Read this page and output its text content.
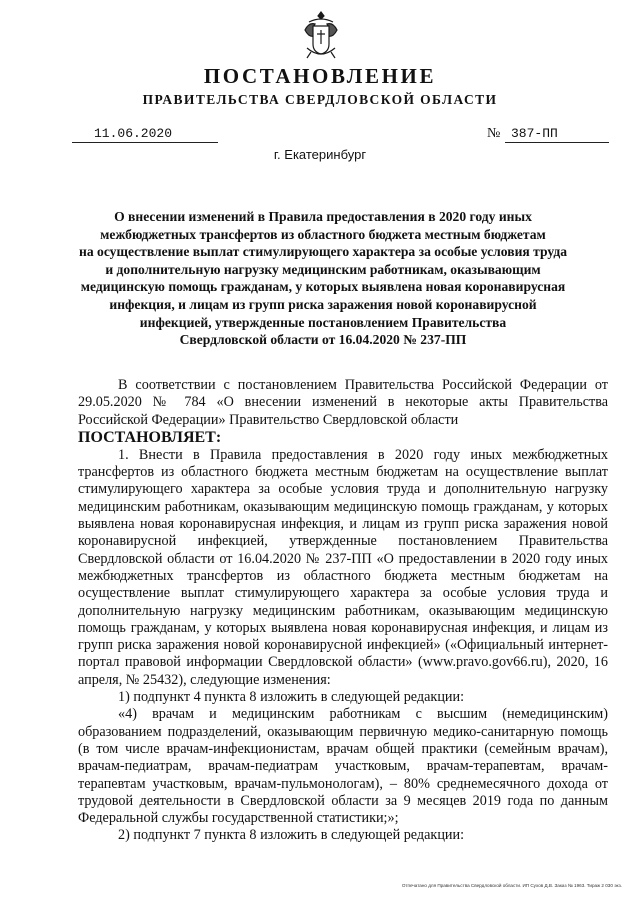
ПОСТАНОВЛЕНИЕ
ПРАВИТЕЛЬСТВА СВЕРДЛОВСКОЙ ОБЛАСТИ
11.06.2020	№ 387-ПП
г. Екатеринбург
О внесении изменений в Правила предоставления в 2020 году иных
межбюджетных трансфертов из областного бюджета местным бюджетам
на осуществление выплат стимулирующего характера за особые условия труда
и дополнительную нагрузку медицинским работникам, оказывающим
медицинскую помощь гражданам, у которых выявлена новая коронавирусная
инфекция, и лицам из групп риска заражения новой коронавирусной
инфекцией, утвержденные постановлением Правительства
Свердловской области от 16.04.2020 № 237-ПП

В соответствии с постановлением Правительства Российской Федерации от 29.05.2020 № 784 «О внесении изменений в некоторые акты Правительства Российской Федерации» Правительство Свердловской области

ПОСТАНОВЛЯЕТ:

1. Внести в Правила предоставления в 2020 году иных межбюджетных трансфертов из областного бюджета местным бюджетам на осуществление выплат стимулирующего характера за особые условия труда и дополнительную нагрузку медицинским работникам, оказывающим медицинскую помощь гражданам, у которых выявлена новая коронавирусная инфекция, и лицам из групп риска заражения новой коронавирусной инфекцией, утвержденные постановлением Правительства Свердловской области от 16.04.2020 № 237-ПП «О предоставлении в 2020 году иных межбюджетных трансфертов из областного бюджета местным бюджетам на осуществление выплат стимулирующего характера за особые условия труда и дополнительную нагрузку медицинским работникам, оказывающим медицинскую помощь гражданам, у которых выявлена новая коронавирусная инфекция, и лицам из групп риска заражения новой коронавирусной инфекцией» («Официальный интернет-портал правовой информации Свердловской области» (www.pravo.gov66.ru), 2020, 16 апреля, № 25432), следующие изменения:

1) подпункт 4 пункта 8 изложить в следующей редакции:

«4) врачам и медицинским работникам с высшим (немедицинским) образованием подразделений, оказывающим первичную медико-санитарную помощь (в том числе врачам-инфекционистам, врачам общей практики (семейным врачам), врачам-педиатрам, врачам-педиатрам участковым, врачам-терапевтам, врачам-терапевтам участковым, врачам-пульмонологам), – 80% среднемесячного дохода от трудовой деятельности в Свердловской области за 9 месяцев 2019 года по данным Федеральной службы государственной статистики;»;

2) подпункт 7 пункта 8 изложить в следующей редакции:

Отпечатано для Правительства Свердловской области. ИП Сухов Д.В. Заказ № 1963. Тираж 2 030 экз.
